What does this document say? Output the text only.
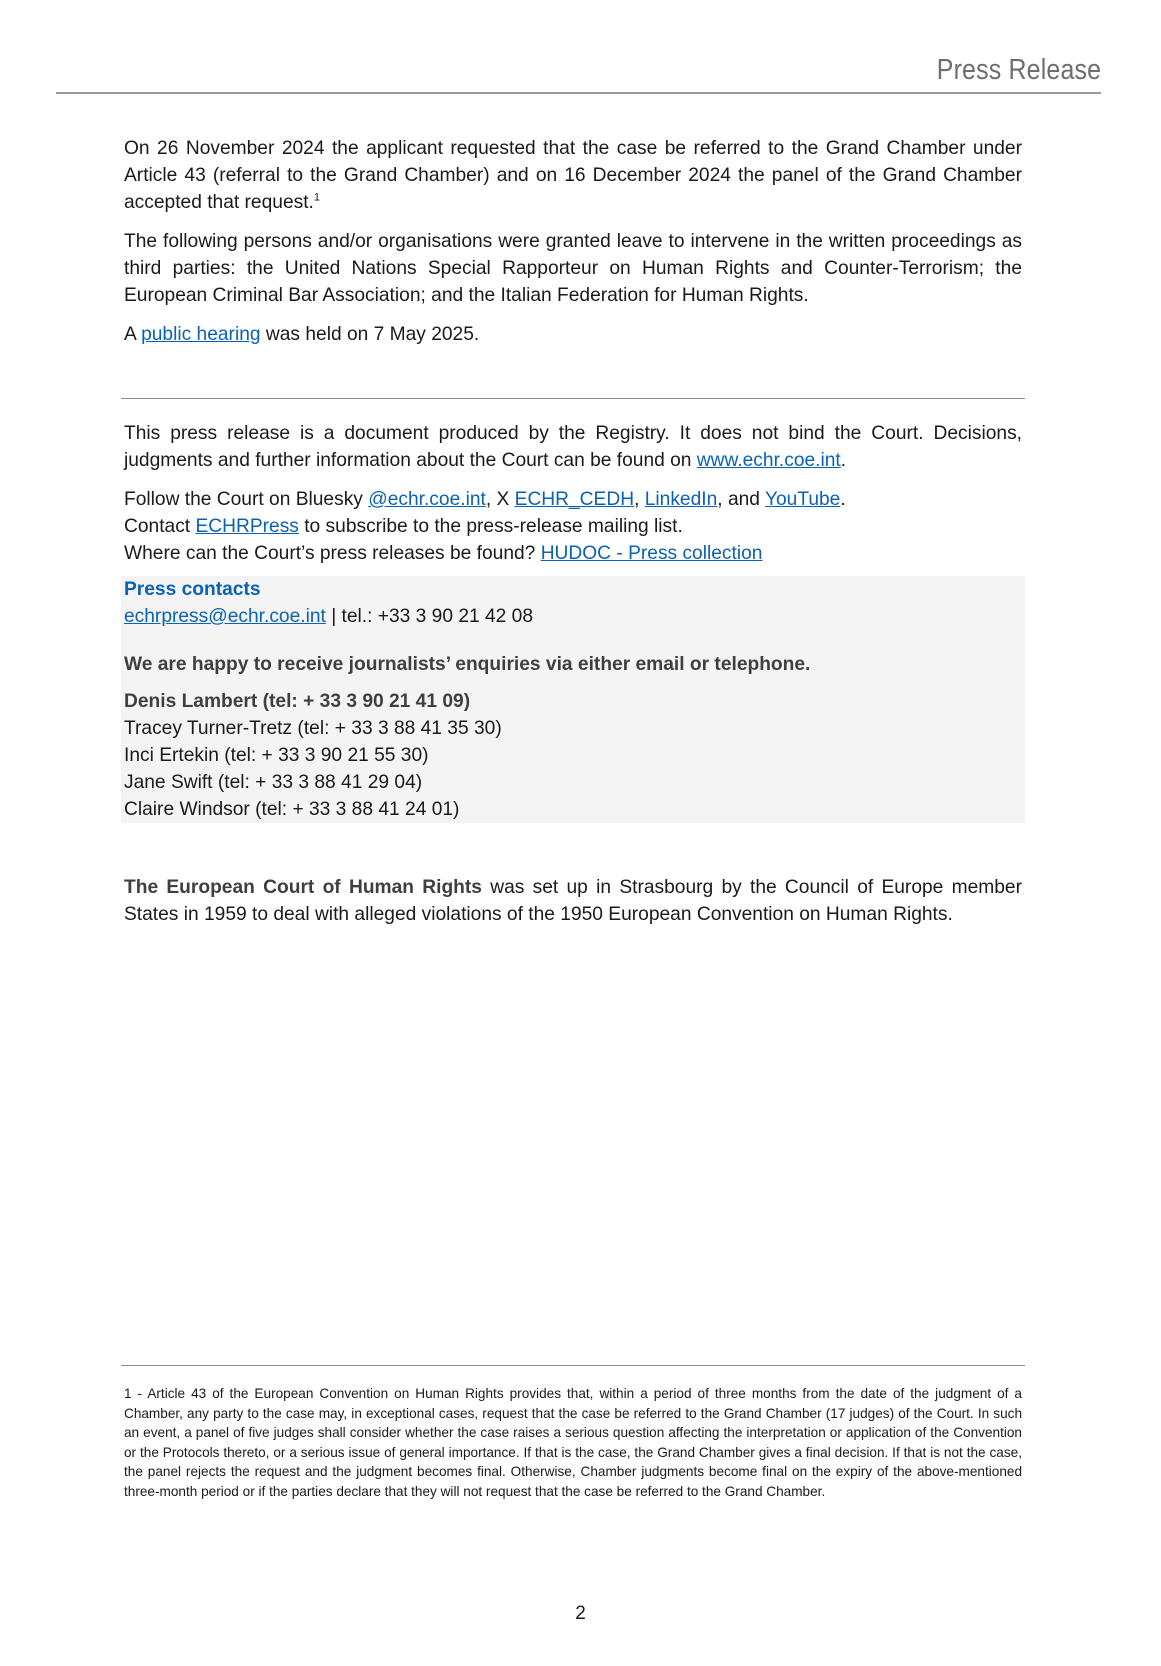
Press Release

On 26 November 2024 the applicant requested that the case be referred to the Grand Chamber under Article 43 (referral to the Grand Chamber) and on 16 December 2024 the panel of the Grand Chamber accepted that request.$^1$

The following persons and/or organisations were granted leave to intervene in the written proceedings as third parties: the United Nations Special Rapporteur on Human Rights and Counter-Terrorism; the European Criminal Bar Association; and the Italian Federation for Human Rights.

A public hearing was held on 7 May 2025.

This press release is a document produced by the Registry. It does not bind the Court. Decisions, judgments and further information about the Court can be found on www.echr.coe.int.

Follow the Court on Bluesky @echr.coe.int, X ECHR_CEDH, LinkedIn, and YouTube.
Contact ECHRPress to subscribe to the press-release mailing list.
Where can the Court’s press releases be found? HUDOC - Press collection
Press contacts
echrpress@echr.coe.int | tel.: +33 3 90 21 42 08
We are happy to receive journalists’ enquiries via either email or telephone.
Denis Lambert (tel: + 33 3 90 21 41 09)
Tracey Turner-Tretz (tel: + 33 3 88 41 35 30)
Inci Ertekin (tel: + 33 3 90 21 55 30)
Jane Swift (tel: + 33 3 88 41 29 04)
Claire Windsor (tel: + 33 3 88 41 24 01)

The European Court of Human Rights was set up in Strasbourg by the Council of Europe member States in 1959 to deal with alleged violations of the 1950 European Convention on Human Rights.

1 - Article 43 of the European Convention on Human Rights provides that, within a period of three months from the date of the judgment of a Chamber, any party to the case may, in exceptional cases, request that the case be referred to the Grand Chamber (17 judges) of the Court. In such an event, a panel of five judges shall consider whether the case raises a serious question affecting the interpretation or application of the Convention or the Protocols thereto, or a serious issue of general importance. If that is the case, the Grand Chamber gives a final decision. If that is not the case, the panel rejects the request and the judgment becomes final. Otherwise, Chamber judgments become final on the expiry of the above-mentioned three-month period or if the parties declare that they will not request that the case be referred to the Grand Chamber.
2
